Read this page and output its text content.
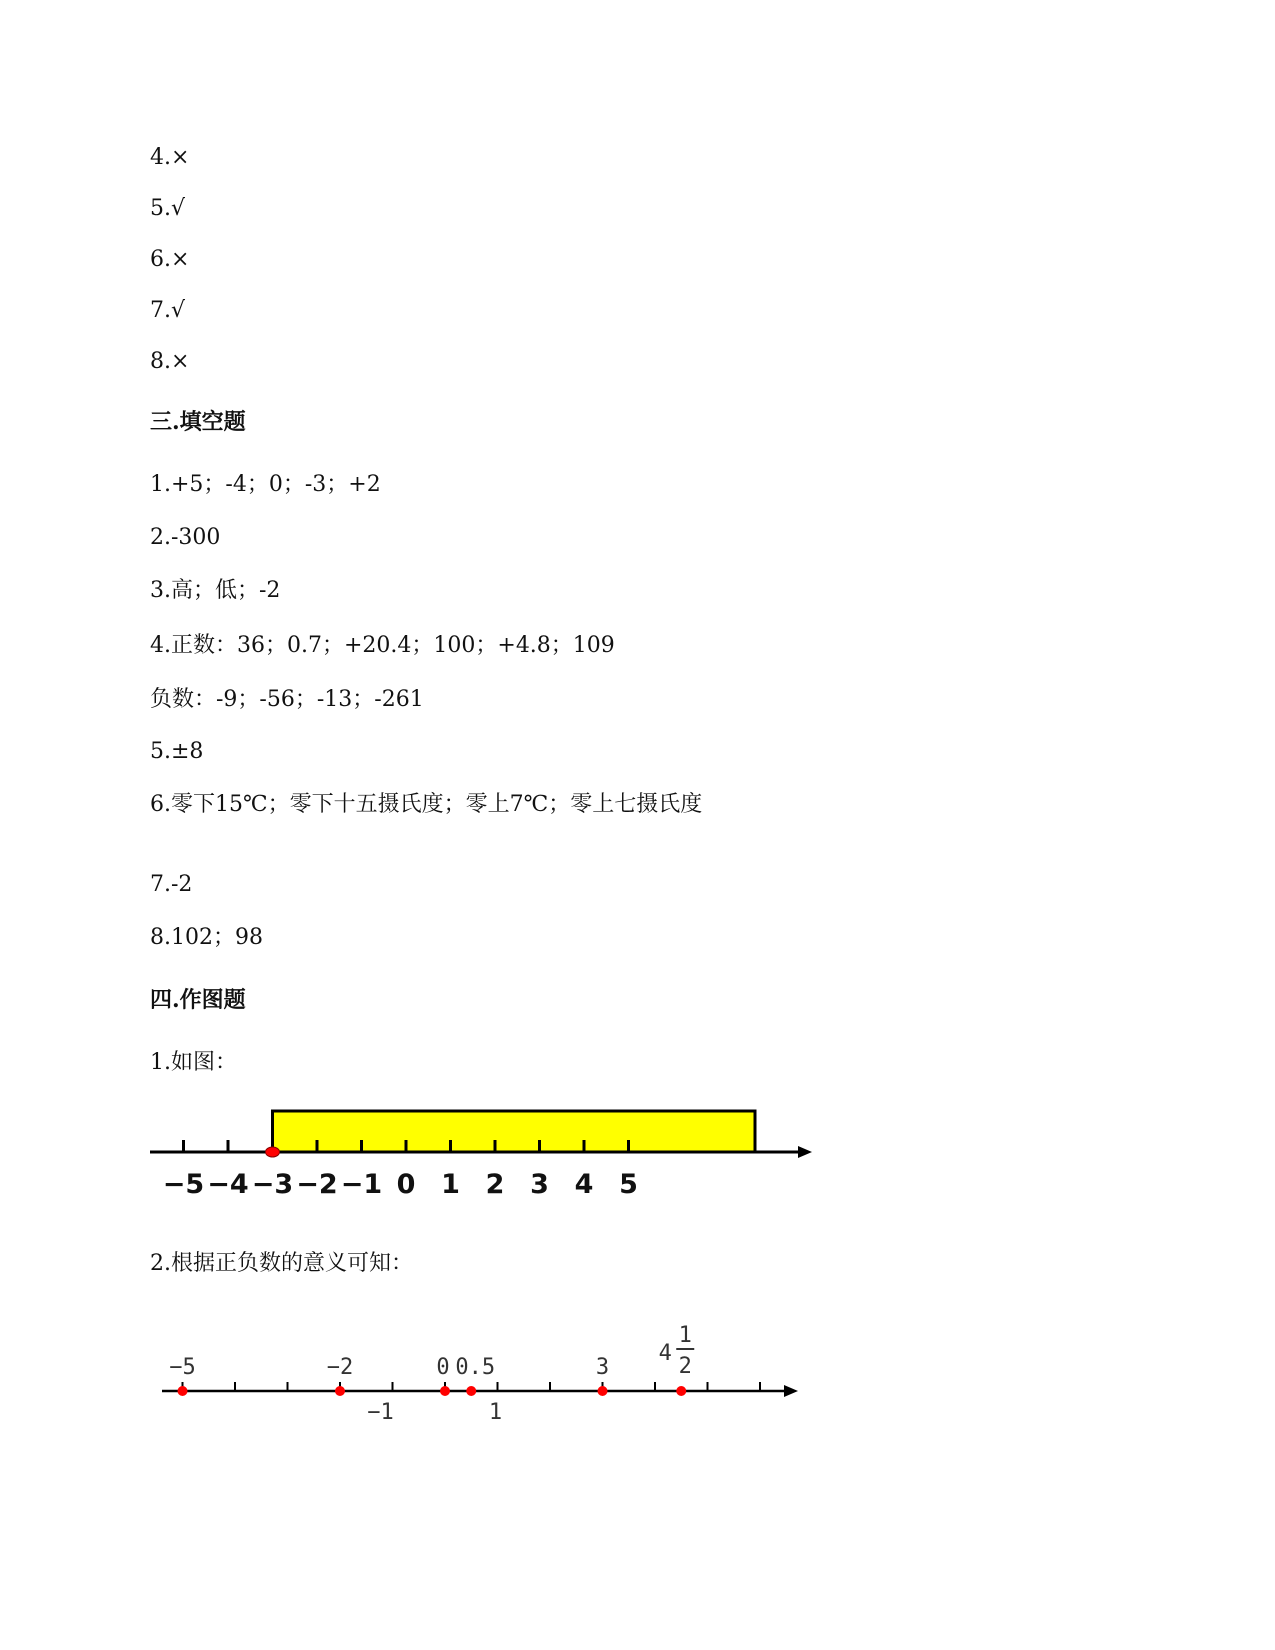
4.×
5.√
6.×
7.√
8.×
三.填空题
1.+5；-4；0；-3；+2
2.-300
3.高；低；-2
4.正数：36；0.7；+20.4；100；+4.8；109
负数：-9；-56；-13；-261
5.±8
6.零下15℃；零下十五摄氏度；零上7℃；零上七摄氏度
7.-2
8.102；98
四.作图题
1.如图：
−5 −4 −3 −2 −1 0 1 2 3 4 5
−5	−2	0 0.5	3
4
1
2
−1	1
2.根据正负数的意义可知：
